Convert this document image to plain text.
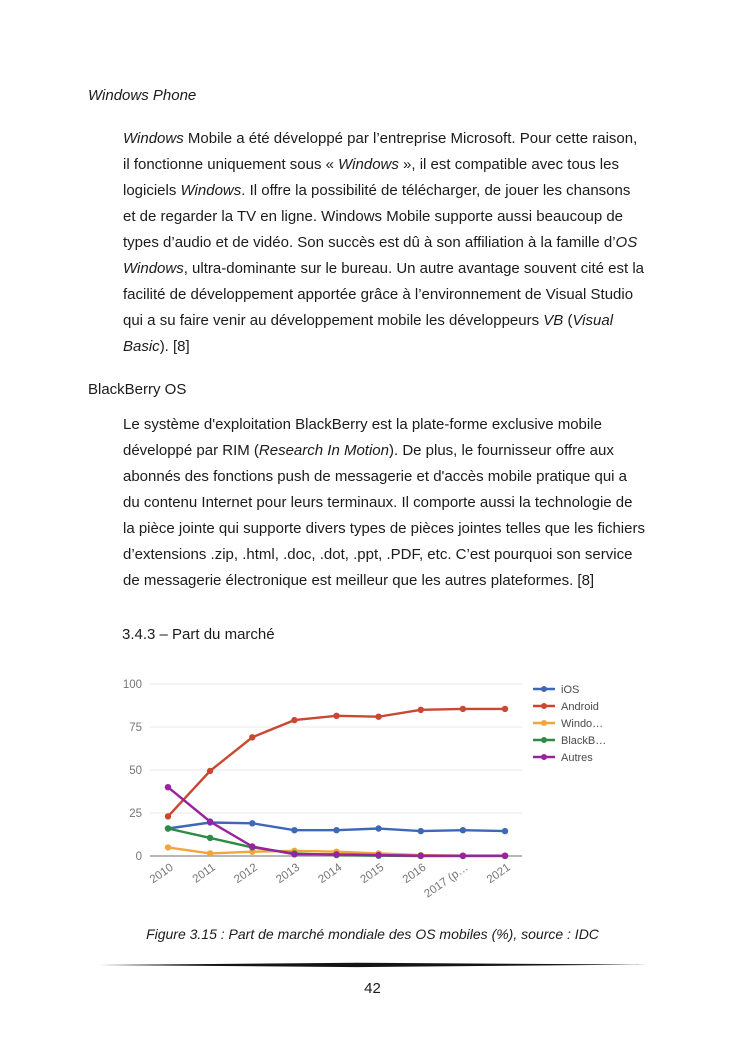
Windows Phone
Windows Mobile a été développé par l’entreprise Microsoft. Pour cette raison,
il fonctionne uniquement sous « Windows », il est compatible avec tous les
logiciels Windows. Il offre la possibilité de télécharger, de jouer les chansons
et de regarder la TV en ligne. Windows Mobile supporte aussi beaucoup de
types d’audio et de vidéo. Son succès est dû à son affiliation à la famille d’OS
Windows, ultra-dominante sur le bureau. Un autre avantage souvent cité est la
facilité de développement apportée grâce à l’environnement de Visual Studio
qui a su faire venir au développement mobile les développeurs VB (Visual
Basic). [8]
BlackBerry OS
Le système d'exploitation BlackBerry est la plate-forme exclusive mobile
développé par RIM (Research In Motion). De plus, le fournisseur offre aux
abonnés des fonctions push de messagerie et d'accès mobile pratique qui a
du contenu Internet pour leurs terminaux. Il comporte aussi la technologie de
la pièce jointe qui supporte divers types de pièces jointes telles que les fichiers
d’extensions .zip, .html, .doc, .dot, .ppt, .PDF, etc. C’est pourquoi son service
de messagerie électronique est meilleur que les autres plateformes. [8]
3.4.3 – Part du marché
0
25
50
75
100
2010 2011 2012 2013 2014 2015 2016
2017 (p… 2021
iOS
Android
Windo…
BlackB…
Autres
Figure 3.15 : Part de marché mondiale des OS mobiles (%), source : IDC
42
